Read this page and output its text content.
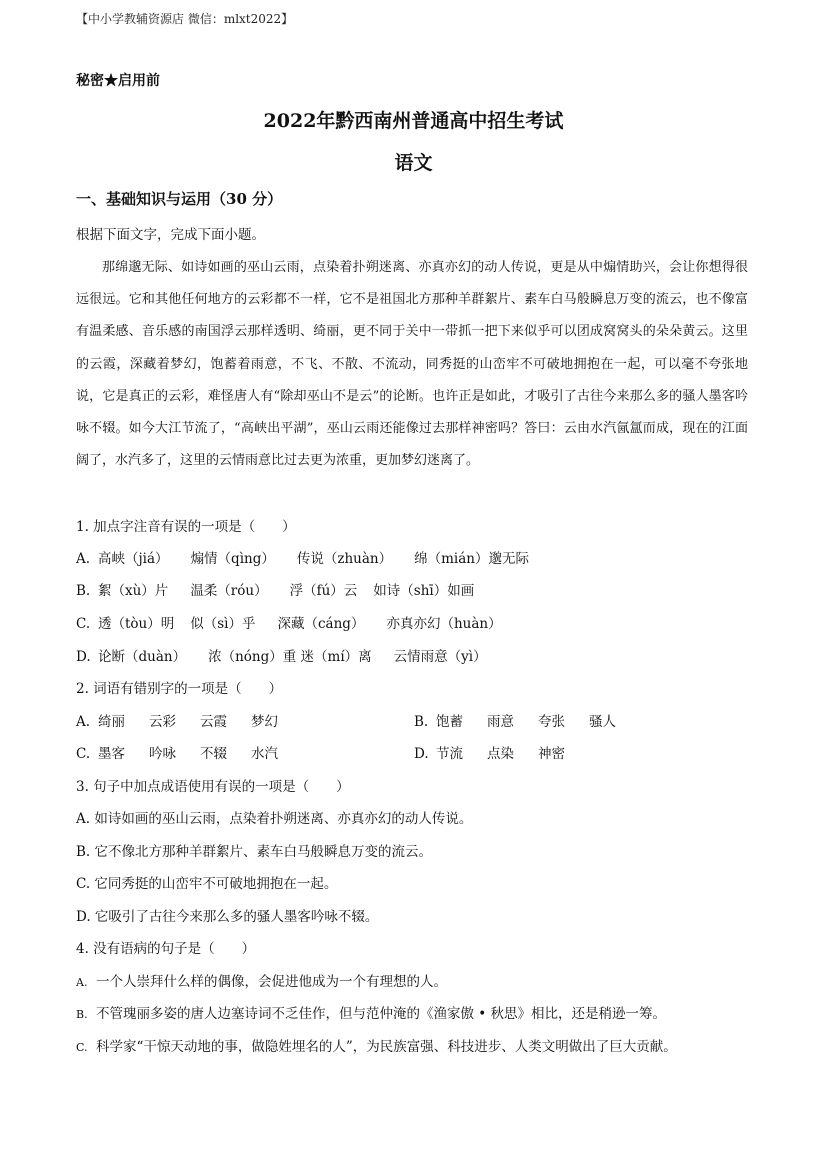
【中小学教辅资源店 微信：mlxt2022】
秘密★启用前
2022年黔西南州普通高中招生考试
语文
一、基础知识与运用（30 分）
根据下面文字，完成下面小题。

那绵邈无际、如诗如画的巫山云雨，点染着扑朔迷离、亦真亦幻的动人传说，更是从中煽情助兴，会让你想得很远很远。它和其他任何地方的云彩都不一样，它不是祖国北方那种羊群絮片、素车白马般瞬息万变的流云，也不像富有温柔感、音乐感的南国浮云那样透明、绮丽，更不同于关中一带抓一把下来似乎可以团成窝窝头的朵朵黄云。这里的云霞，深藏着梦幻，饱蓄着雨意，不飞、不散、不流动，同秀挺的山峦牢不可破地拥抱在一起，可以毫不夸张地说，它是真正的云彩，难怪唐人有“除却巫山不是云”的论断。也许正是如此，才吸引了古往今来那么多的骚人墨客吟咏不辍。如今大江节流了，“高峡出平湖”，巫山云雨还能像过去那样神密吗？答曰：云由水汽氤氲而成，现在的江面阔了，水汽多了，这里的云情雨意比过去更为浓重，更加梦幻迷离了。

1. 加点字注音有误的一项是（　　）
A. 高峡（jiá） 煽情（qìng） 传说（zhuàn） 绵（mián）邈无际
B. 絮（xù）片 温柔（róu） 浮（fú）云 如诗（shī）如画
C. 透（tòu）明 似（sì）乎 深藏（cáng） 亦真亦幻（huàn）
D. 论断（duàn） 浓（nóng）重 迷（mí）离 云情雨意（yì）
2. 词语有错别字的一项是（　　）
A. 绮丽 云彩 云霞 梦幻	B. 饱蓄 雨意 夸张 骚人
C. 墨客 吟咏 不辍 水汽	D. 节流 点染 神密
3. 句子中加点成语使用有误的一项是（　　）
A. 如诗如画的巫山云雨，点染着扑朔迷离、亦真亦幻的动人传说。
B. 它不像北方那种羊群絮片、素车白马般瞬息万变的流云。
C. 它同秀挺的山峦牢不可破地拥抱在一起。
D. 它吸引了古往今来那么多的骚人墨客吟咏不辍。
4. 没有语病的句子是（　　）
A. 一个人崇拜什么样的偶像，会促进他成为一个有理想的人。
B. 不管瑰丽多姿的唐人边塞诗词不乏佳作，但与范仲淹的《渔家傲 • 秋思》相比，还是稍逊一筹。
C. 科学家“干惊天动地的事，做隐姓埋名的人”，为民族富强、科技进步、人类文明做出了巨大贡献。
